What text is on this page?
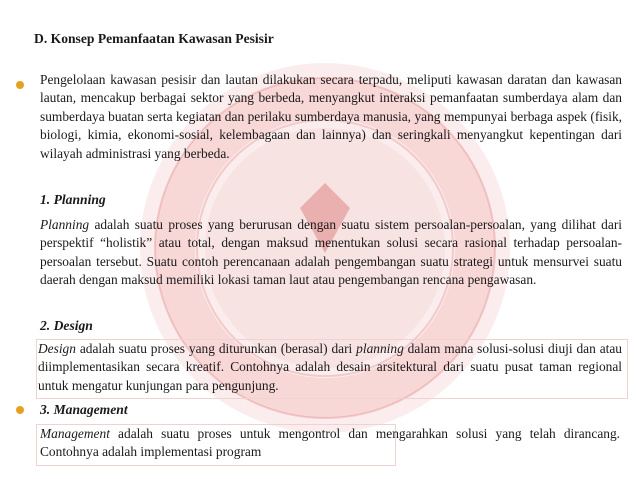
D. Konsep Pemanfaatan Kawasan Pesisir
Pengelolaan kawasan pesisir dan lautan dilakukan secara terpadu, meliputi kawasan daratan dan kawasan lautan, mencakup berbagai sektor yang berbeda, menyangkut interaksi pemanfaatan sumberdaya alam dan sumberdaya buatan serta kegiatan dan perilaku sumberdaya manusia, yang mempunyai berbaga aspek (fisik, biologi, kimia, ekonomi-sosial, kelembagaan dan lainnya) dan seringkali menyangkut kepentingan dari wilayah administrasi yang berbeda.
1. Planning
Planning adalah suatu proses yang berurusan dengan suatu sistem persoalan-persoalan, yang dilihat dari perspektif “holistik” atau total, dengan maksud menentukan solusi secara rasional terhadap persoalan-persoalan tersebut. Suatu contoh perencanaan adalah pengembangan suatu strategi untuk mensurvei suatu daerah dengan maksud memiliki lokasi taman laut atau pengembangan rencana pengawasan.
2. Design
Design adalah suatu proses yang diturunkan (berasal) dari planning dalam mana solusi-solusi diuji dan atau diimplementasikan secara kreatif. Contohnya adalah desain arsitektural dari suatu pusat taman regional untuk mengatur kunjungan para pengunjung.
3. Management
Management adalah suatu proses untuk mengontrol dan mengarahkan solusi yang telah dirancang. Contohnya adalah implementasi program
